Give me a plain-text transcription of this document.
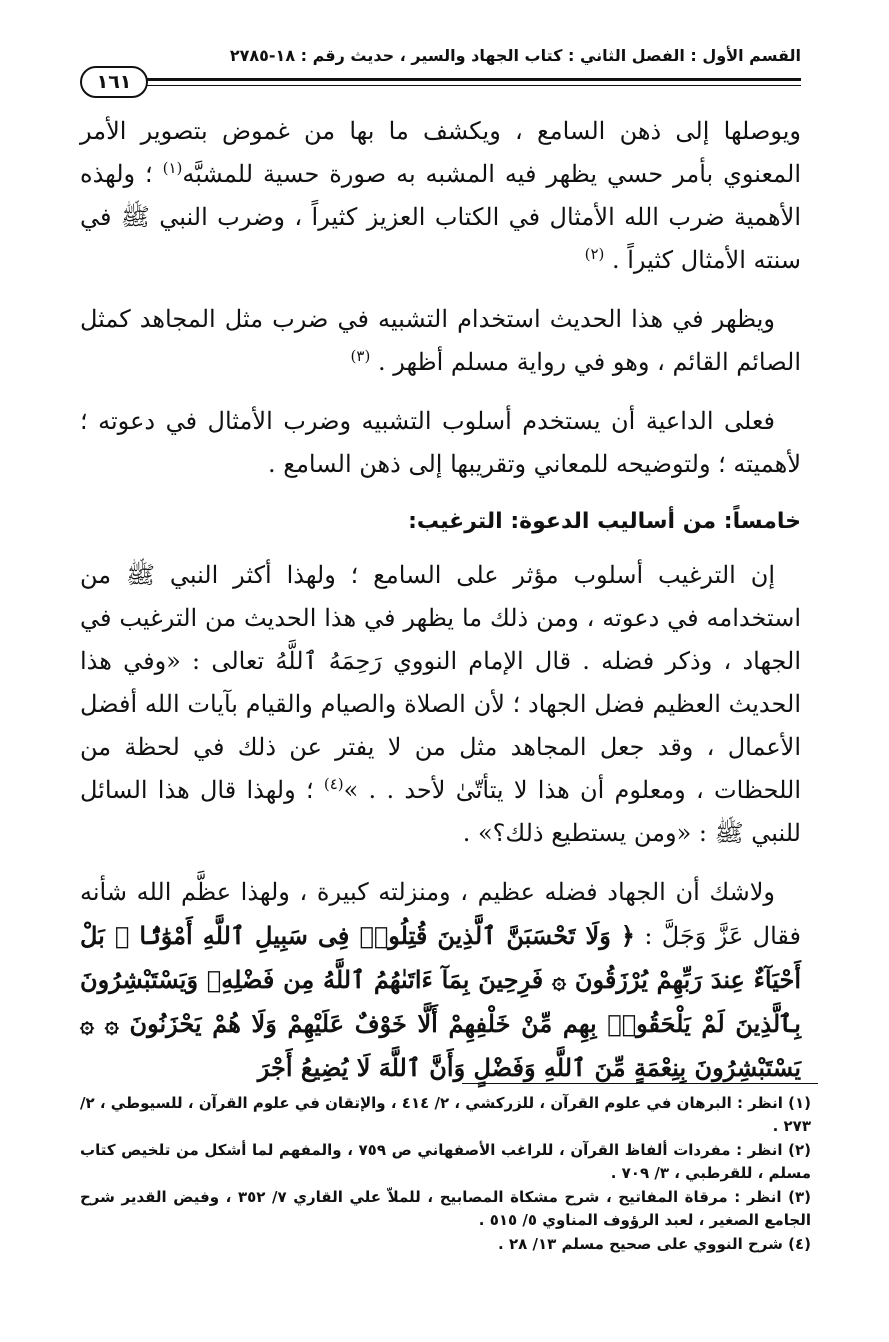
القسم الأول : الفصل الثاني : كتاب الجهاد والسير ، حديث رقم : ١٨-٢٧٨٥
١٦١

ويوصلها إلى ذهن السامع ، ويكشف ما بها من غموض بتصوير الأمر المعنوي بأمر حسي يظهر فيه المشبه به صورة حسية للمشبَّه$^{(١)}$ ؛ ولهذه الأهمية ضرب الله الأمثال في الكتاب العزيز كثيراً ، وضرب النبي ﷺ في سنته الأمثال كثيراً . $^{(٢)}$

ويظهر في هذا الحديث استخدام التشبيه في ضرب مثل المجاهد كمثل الصائم القائم ، وهو في رواية مسلم أظهر . $^{(٣)}$

فعلى الداعية أن يستخدم أسلوب التشبيه وضرب الأمثال في دعوته ؛ لأهميته ؛ ولتوضيحه للمعاني وتقريبها إلى ذهن السامع .

خامساً: من أساليب الدعوة: الترغيب:

إن الترغيب أسلوب مؤثر على السامع ؛ ولهذا أكثر النبي ﷺ من استخدامه في دعوته ، ومن ذلك ما يظهر في هذا الحديث من الترغيب في الجهاد ، وذكر فضله . قال الإمام النووي رَحِمَهُ ٱللَّهُ تعالى : «وفي هذا الحديث العظيم فضل الجهاد ؛ لأن الصلاة والصيام والقيام بآيات الله أفضل الأعمال ، وقد جعل المجاهد مثل من لا يفتر عن ذلك في لحظة من اللحظات ، ومعلوم أن هذا لا يتأتّىٰ لأحد . . »$^{(٤)}$ ؛ ولهذا قال هذا السائل للنبي ﷺ : «ومن يستطيع ذلك؟» .

ولاشك أن الجهاد فضله عظيم ، ومنزلته كبيرة ، ولهذا عظَّم الله شأنه فقال عَزَّ وَجَلَّ : ﴿ وَلَا تَحْسَبَنَّ ٱلَّذِينَ قُتِلُوا۟ فِى سَبِيلِ ٱللَّهِ أَمْوَٰتًۢا ۚ بَلْ أَحْيَآءٌ عِندَ رَبِّهِمْ يُرْزَقُونَ ۞ فَرِحِينَ بِمَآ ءَاتَىٰهُمُ ٱللَّهُ مِن فَضْلِهِۦ وَيَسْتَبْشِرُونَ بِٱلَّذِينَ لَمْ يَلْحَقُوا۟ بِهِم مِّنْ خَلْفِهِمْ أَلَّا خَوْفٌ عَلَيْهِمْ وَلَا هُمْ يَحْزَنُونَ ۞ ۞ يَسْتَبْشِرُونَ بِنِعْمَةٍ مِّنَ ٱللَّهِ وَفَضْلٍ وَأَنَّ ٱللَّهَ لَا يُضِيعُ أَجْرَ

(١) انظر : البرهان في علوم القرآن ، للزركشي ، ٢/ ٤١٤ ، والإتقان في علوم القرآن ، للسيوطي ، ٢/ ٢٧٣ .

(٢) انظر : مفردات ألفاظ القرآن ، للراغب الأصفهاني ص ٧٥٩ ، والمفهم لما أشكل من تلخيص كتاب مسلم ، للقرطبي ، ٣/ ٧٠٩ .

(٣) انظر : مرقاة المفاتيح ، شرح مشكاة المصابيح ، للملاّ علي القاري ٧/ ٣٥٢ ، وفيض القدير شرح الجامع الصغير ، لعبد الرؤوف المناوي ٥/ ٥١٥ .

(٤) شرح النووي على صحيح مسلم ١٣/ ٢٨ .
